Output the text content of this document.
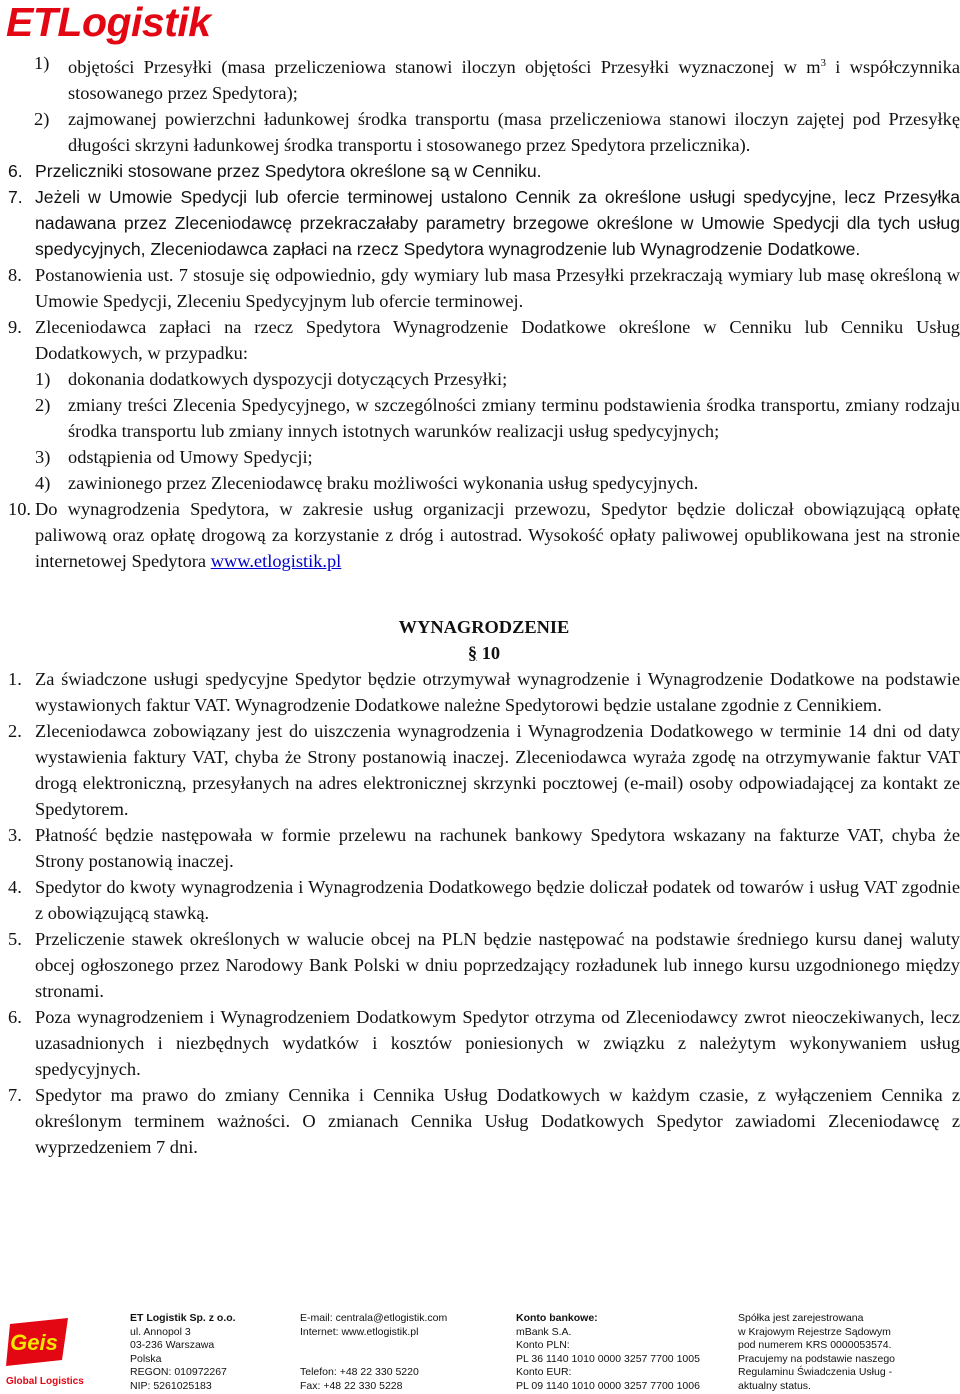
ETLogistik
1)	objętości Przesyłki (masa przeliczeniowa stanowi iloczyn objętości Przesyłki wyznaczonej w $m^3$ i współczynnika stosowanego przez Spedytora);
2)	zajmowanej powierzchni ładunkowej środka transportu (masa przeliczeniowa stanowi iloczyn zajętej pod Przesyłkę długości skrzyni ładunkowej środka transportu i stosowanego przez Spedytora przelicznika).
6. Przeliczniki stosowane przez Spedytora określone są w Cenniku.
7. Jeżeli w Umowie Spedycji lub ofercie terminowej ustalono Cennik za określone usługi spedycyjne, lecz Przesyłka nadawana przez Zleceniodawcę przekraczałaby parametry brzegowe określone w Umowie Spedycji dla tych usług spedycyjnych, Zleceniodawca zapłaci na rzecz Spedytora wynagrodzenie lub Wynagrodzenie Dodatkowe.
8. Postanowienia ust. 7 stosuje się odpowiednio, gdy wymiary lub masa Przesyłki przekraczają wymiary lub masę określoną w Umowie Spedycji, Zleceniu Spedycyjnym lub ofercie terminowej.
9. Zleceniodawca zapłaci na rzecz Spedytora Wynagrodzenie Dodatkowe określone w Cenniku lub Cenniku Usług Dodatkowych, w przypadku:
1) dokonania dodatkowych dyspozycji dotyczących Przesyłki;
2) zmiany treści Zlecenia Spedycyjnego, w szczególności zmiany terminu podstawienia środka transportu, zmiany rodzaju środka transportu lub zmiany innych istotnych warunków realizacji usług spedycyjnych;
3) odstąpienia od Umowy Spedycji;
4) zawinionego przez Zleceniodawcę braku możliwości wykonania usług spedycyjnych.
10. Do wynagrodzenia Spedytora, w zakresie usług organizacji przewozu, Spedytor będzie doliczał obowiązującą opłatę paliwową oraz opłatę drogową za korzystanie z dróg i autostrad. Wysokość opłaty paliwowej opublikowana jest na stronie internetowej Spedytora www.etlogistik.pl
WYNAGRODZENIE
§ 10
1. Za świadczone usługi spedycyjne Spedytor będzie otrzymywał wynagrodzenie i Wynagrodzenie Dodatkowe na podstawie wystawionych faktur VAT. Wynagrodzenie Dodatkowe należne Spedytorowi będzie ustalane zgodnie z Cennikiem.
2. Zleceniodawca zobowiązany jest do uiszczenia wynagrodzenia i Wynagrodzenia Dodatkowego w terminie 14 dni od daty wystawienia faktury VAT, chyba że Strony postanowią inaczej. Zleceniodawca wyraża zgodę na otrzymywanie faktur VAT drogą elektroniczną, przesyłanych na adres elektronicznej skrzynki pocztowej (e-mail) osoby odpowiadającej za kontakt ze Spedytorem.
3. Płatność będzie następowała w formie przelewu na rachunek bankowy Spedytora wskazany na fakturze VAT, chyba że Strony postanowią inaczej.
4. Spedytor do kwoty wynagrodzenia i Wynagrodzenia Dodatkowego będzie doliczał podatek od towarów i usług VAT zgodnie z obowiązującą stawką.
5. Przeliczenie stawek określonych w walucie obcej na PLN będzie następować na podstawie średniego kursu danej waluty obcej ogłoszonego przez Narodowy Bank Polski w dniu poprzedzający rozładunek lub innego kursu uzgodnionego między stronami.
6. Poza wynagrodzeniem i Wynagrodzeniem Dodatkowym Spedytor otrzyma od Zleceniodawcy zwrot nieoczekiwanych, lecz uzasadnionych i niezbędnych wydatków i kosztów poniesionych w związku z należytym wykonywaniem usług spedycyjnych.
7. Spedytor ma prawo do zmiany Cennika i Cennika Usług Dodatkowych w każdym czasie, z wyłączeniem Cennika z określonym terminem ważności. O zmianach Cennika Usług Dodatkowych Spedytor zawiadomi Zleceniodawcę z wyprzedzeniem 7 dni.
Geis
Global Logistics
ET Logistik Sp. z o.o.
ul. Annopol 3
03-236 Warszawa
Polska
REGON: 010972267
NIP: 5261025183
E-mail: centrala@etlogistik.com
Internet: www.etlogistik.pl

Telefon: +48 22 330 5220
Fax: +48 22 330 5228
Konto bankowe:
mBank S.A.
Konto PLN:
PL 36 1140 1010 0000 3257 7700 1005
Konto EUR:
PL 09 1140 1010 0000 3257 7700 1006
Spółka jest zarejestrowana
w Krajowym Rejestrze Sądowym
pod numerem KRS 0000053574.
Pracujemy na podstawie naszego
Regulaminu Świadczenia Usług -
aktualny status.
